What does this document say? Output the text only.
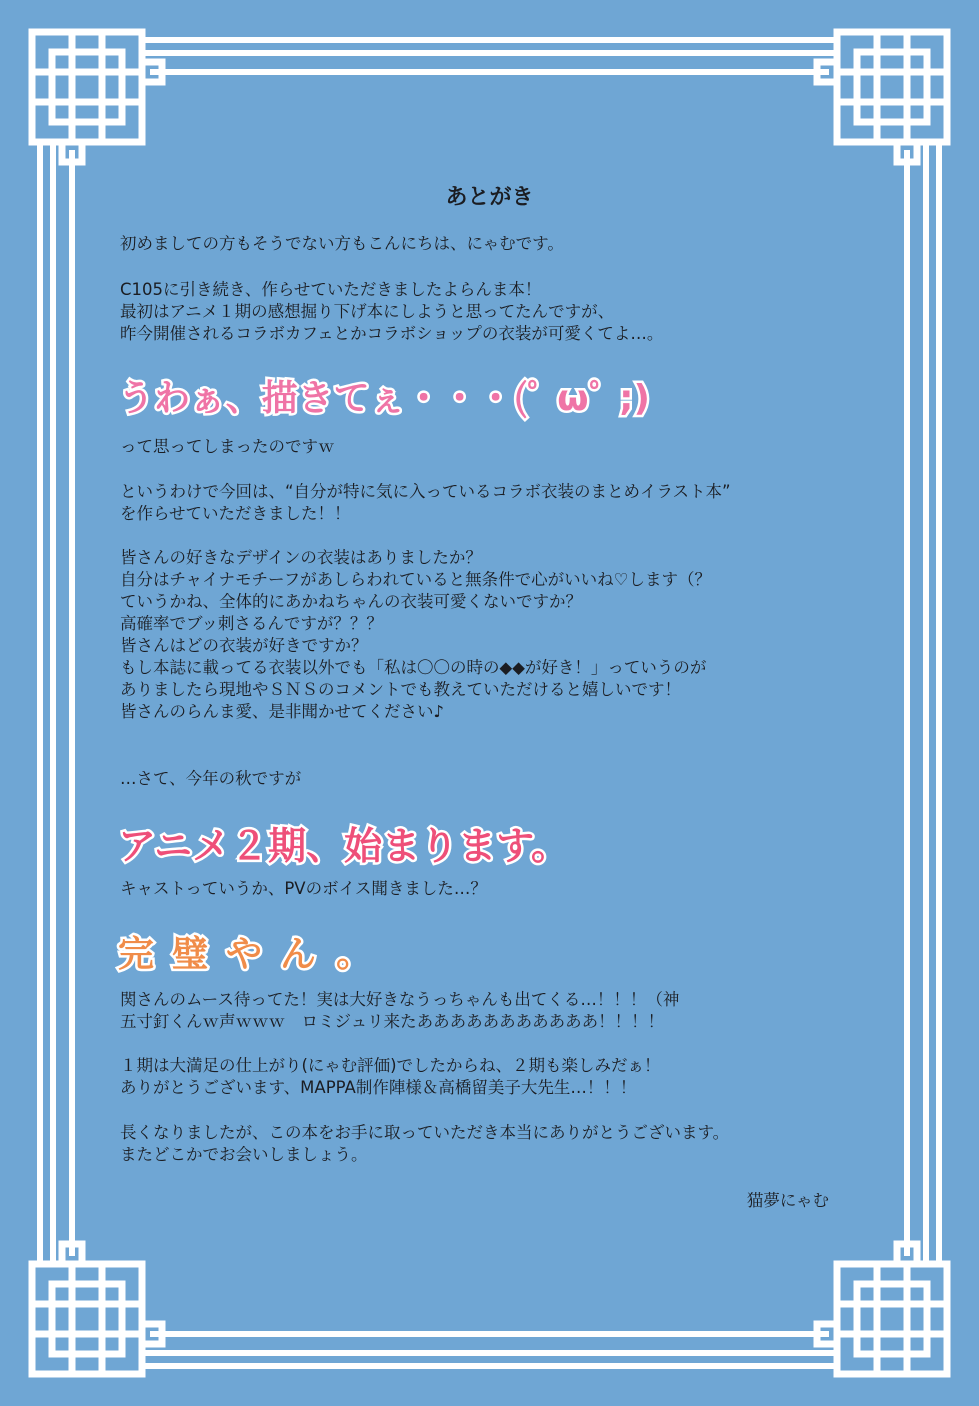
あとがき

初めましての方もそうでない方もこんにちは、にゃむです。

C105に引き続き、作らせていただきましたよらんま本！

最初はアニメ１期の感想掘り下げ本にしようと思ってたんですが、

昨今開催されるコラボカフェとかコラボショップの衣装が可愛くてよ…。

うわぁ、描きてぇ・・・(ﾟ ωﾟ ;)

って思ってしまったのですｗ

というわけで今回は、“自分が特に気に入っているコラボ衣装のまとめイラスト本”

を作らせていただきました！！

皆さんの好きなデザインの衣装はありましたか？

自分はチャイナモチーフがあしらわれていると無条件で心がいいね♡します（？

ていうかね、全体的にあかねちゃんの衣装可愛くないですか？

高確率でブッ刺さるんですが？？？

皆さんはどの衣装が好きですか？

もし本誌に載ってる衣装以外でも「私は〇〇の時の◆◆が好き！」っていうのが

ありましたら現地やＳＮＳのコメントでも教えていただけると嬉しいです！

皆さんのらんま愛、是非聞かせてください♪

…さて、今年の秋ですが

アニメ２期、始まります。

キャストっていうか、PVのボイス聞きました…？

完璧やん。

関さんのムース待ってた！実は大好きなうっちゃんも出てくる…！！！（神

五寸釘くんｗ声ｗｗｗ　ロミジュリ来たあああああああああああ！！！！

１期は大満足の仕上がり(にゃむ評価)でしたからね、２期も楽しみだぁ！

ありがとうございます、MAPPA制作陣様＆高橋留美子大先生…！！！

長くなりましたが、この本をお手に取っていただき本当にありがとうございます。

またどこかでお会いしましょう。

猫夢にゃむ
